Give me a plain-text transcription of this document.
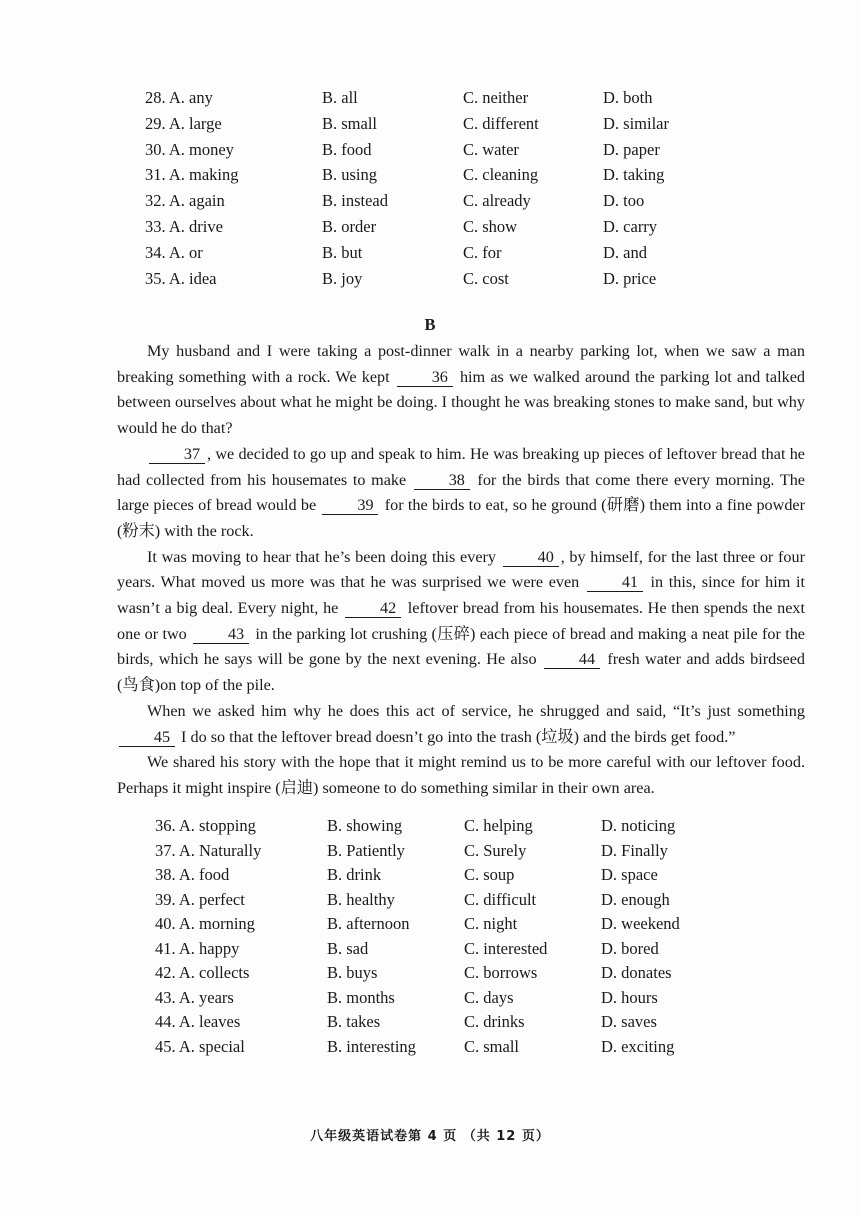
28. A. any	B. all	C. neither	D. both
29. A. large	B. small	C. different	D. similar
30. A. money	B. food	C. water	D. paper
31. A. making	B. using	C. cleaning	D. taking
32. A. again	B. instead	C. already	D. too
33. A. drive	B. order	C. show	D. carry
34. A. or	B. but	C. for	D. and
35. A. idea	B. joy	C. cost	D. price
B

My husband and I were taking a post-dinner walk in a nearby parking lot, when we saw a man breaking something with a rock. We kept 36 him as we walked around the parking lot and talked between ourselves about what he might be doing. I thought he was breaking stones to make sand, but why would he do that?

37 , we decided to go up and speak to him. He was breaking up pieces of leftover bread that he had collected from his housemates to make 38 for the birds that come there every morning. The large pieces of bread would be 39 for the birds to eat, so he ground (研磨) them into a fine powder (粉末) with the rock.

It was moving to hear that he’s been doing this every 40 , by himself, for the last three or four years. What moved us more was that he was surprised we were even 41 in this, since for him it wasn’t a big deal. Every night, he 42 leftover bread from his housemates. He then spends the next one or two 43 in the parking lot crushing (压碎) each piece of bread and making a neat pile for the birds, which he says will be gone by the next evening. He also 44 fresh water and adds birdseed (鸟食)on top of the pile.

When we asked him why he does this act of service, he shrugged and said, “It’s just something 45 I do so that the leftover bread doesn’t go into the trash (垃圾) and the birds get food.”

We shared his story with the hope that it might remind us to be more careful with our leftover food. Perhaps it might inspire (启迪) someone to do something similar in their own area.

36. A. stopping	B. showing	C. helping	D. noticing
37. A. Naturally	B. Patiently	C. Surely	D. Finally
38. A. food	B. drink	C. soup	D. space
39. A. perfect	B. healthy	C. difficult	D. enough
40. A. morning	B. afternoon	C. night	D. weekend
41. A. happy	B. sad	C. interested	D. bored
42. A. collects	B. buys	C. borrows	D. donates
43. A. years	B. months	C. days	D. hours
44. A. leaves	B. takes	C. drinks	D. saves
45. A. special	B. interesting	C. small	D. exciting
八年级英语试卷第 4 页 （共 12 页）
